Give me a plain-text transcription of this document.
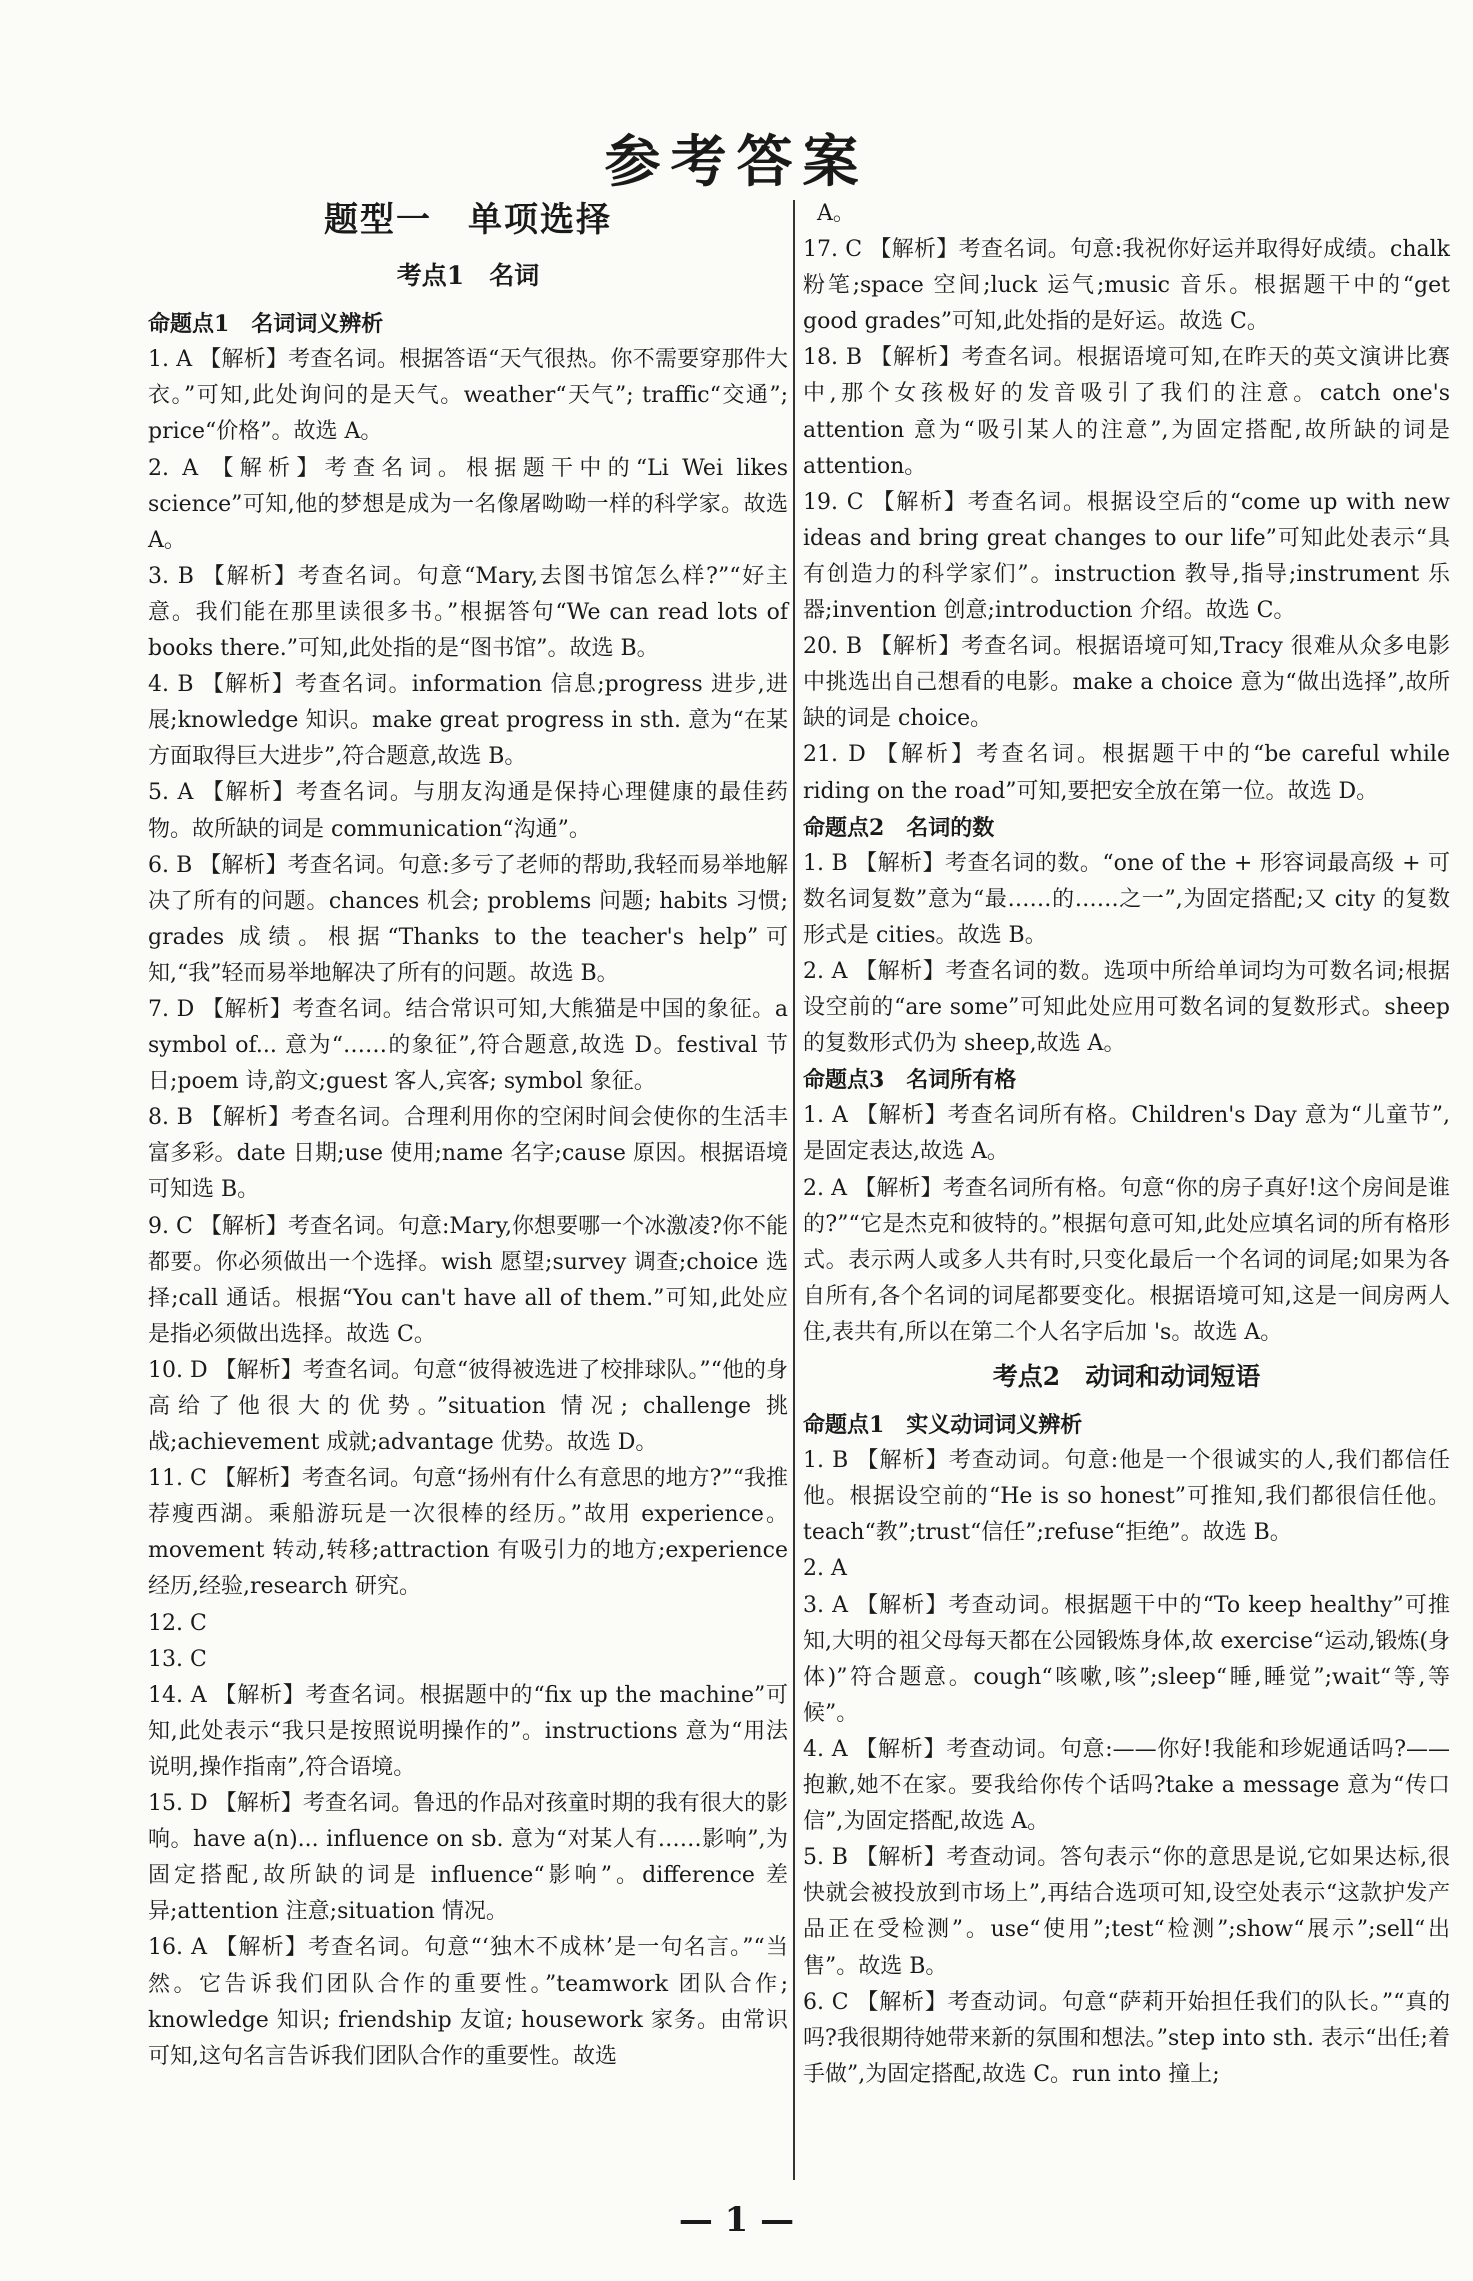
参考答案
题型一　单项选择
考点1　名词
命题点1　名词词义辨析

1. A 【解析】考查名词。根据答语“天气很热。你不需要穿那件大衣。”可知,此处询问的是天气。weather“天气”; traffic“交通”; price“价格”。故选 A。

2. A 【解析】考查名词。根据题干中的“Li Wei likes science”可知,他的梦想是成为一名像屠呦呦一样的科学家。故选 A。

3. B 【解析】考查名词。句意“Mary,去图书馆怎么样?”“好主意。我们能在那里读很多书。”根据答句“We can read lots of books there.”可知,此处指的是“图书馆”。故选 B。

4. B 【解析】考查名词。information 信息;progress 进步,进展;knowledge 知识。make great progress in sth. 意为“在某方面取得巨大进步”,符合题意,故选 B。

5. A 【解析】考查名词。与朋友沟通是保持心理健康的最佳药物。故所缺的词是 communication“沟通”。

6. B 【解析】考查名词。句意:多亏了老师的帮助,我轻而易举地解决了所有的问题。chances 机会; problems 问题; habits 习惯; grades 成绩。根据“Thanks to the teacher's help”可知,“我”轻而易举地解决了所有的问题。故选 B。

7. D 【解析】考查名词。结合常识可知,大熊猫是中国的象征。a symbol of... 意为“……的象征”,符合题意,故选 D。festival 节日;poem 诗,韵文;guest 客人,宾客; symbol 象征。

8. B 【解析】考查名词。合理利用你的空闲时间会使你的生活丰富多彩。date 日期;use 使用;name 名字;cause 原因。根据语境可知选 B。

9. C 【解析】考查名词。句意:Mary,你想要哪一个冰激凌?你不能都要。你必须做出一个选择。wish 愿望;survey 调查;choice 选择;call 通话。根据“You can't have all of them.”可知,此处应是指必须做出选择。故选 C。

10. D 【解析】考查名词。句意“彼得被选进了校排球队。”“他的身高给了他很大的优势。”situation 情况; challenge 挑战;achievement 成就;advantage 优势。故选 D。

11. C 【解析】考查名词。句意“扬州有什么有意思的地方?”“我推荐瘦西湖。乘船游玩是一次很棒的经历。”故用 experience。movement 转动,转移;attraction 有吸引力的地方;experience 经历,经验,research 研究。

12. C

13. C

14. A 【解析】考查名词。根据题中的“fix up the machine”可知,此处表示“我只是按照说明操作的”。instructions 意为“用法说明,操作指南”,符合语境。

15. D 【解析】考查名词。鲁迅的作品对孩童时期的我有很大的影响。have a(n)... influence on sb. 意为“对某人有……影响”,为固定搭配,故所缺的词是 influence“影响”。difference 差异;attention 注意;situation 情况。

16. A 【解析】考查名词。句意“‘独木不成林’是一句名言。”“当然。它告诉我们团队合作的重要性。”teamwork 团队合作; knowledge 知识; friendship 友谊; housework 家务。由常识可知,这句名言告诉我们团队合作的重要性。故选

A。

17. C 【解析】考查名词。句意:我祝你好运并取得好成绩。chalk 粉笔;space 空间;luck 运气;music 音乐。根据题干中的“get good grades”可知,此处指的是好运。故选 C。

18. B 【解析】考查名词。根据语境可知,在昨天的英文演讲比赛中,那个女孩极好的发音吸引了我们的注意。catch one's attention 意为“吸引某人的注意”,为固定搭配,故所缺的词是 attention。

19. C 【解析】考查名词。根据设空后的“come up with new ideas and bring great changes to our life”可知此处表示“具有创造力的科学家们”。instruction 教导,指导;instrument 乐器;invention 创意;introduction 介绍。故选 C。

20. B 【解析】考查名词。根据语境可知,Tracy 很难从众多电影中挑选出自己想看的电影。make a choice 意为“做出选择”,故所缺的词是 choice。

21. D 【解析】考查名词。根据题干中的“be careful while riding on the road”可知,要把安全放在第一位。故选 D。

命题点2　名词的数

1. B 【解析】考查名词的数。“one of the + 形容词最高级 + 可数名词复数”意为“最……的……之一”,为固定搭配;又 city 的复数形式是 cities。故选 B。

2. A 【解析】考查名词的数。选项中所给单词均为可数名词;根据设空前的“are some”可知此处应用可数名词的复数形式。sheep 的复数形式仍为 sheep,故选 A。

命题点3　名词所有格

1. A 【解析】考查名词所有格。Children's Day 意为“儿童节”,是固定表达,故选 A。

2. A 【解析】考查名词所有格。句意“你的房子真好!这个房间是谁的?”“它是杰克和彼特的。”根据句意可知,此处应填名词的所有格形式。表示两人或多人共有时,只变化最后一个名词的词尾;如果为各自所有,各个名词的词尾都要变化。根据语境可知,这是一间房两人住,表共有,所以在第二个人名字后加 's。故选 A。

考点2　动词和动词短语
命题点1　实义动词词义辨析

1. B 【解析】考查动词。句意:他是一个很诚实的人,我们都信任他。根据设空前的“He is so honest”可推知,我们都很信任他。teach“教”;trust“信任”;refuse“拒绝”。故选 B。

2. A

3. A 【解析】考查动词。根据题干中的“To keep healthy”可推知,大明的祖父母每天都在公园锻炼身体,故 exercise“运动,锻炼(身体)”符合题意。cough“咳嗽,咳”;sleep“睡,睡觉”;wait“等,等候”。

4. A 【解析】考查动词。句意:——你好!我能和珍妮通话吗?——抱歉,她不在家。要我给你传个话吗?take a message 意为“传口信”,为固定搭配,故选 A。

5. B 【解析】考查动词。答句表示“你的意思是说,它如果达标,很快就会被投放到市场上”,再结合选项可知,设空处表示“这款护发产品正在受检测”。use“使用”;test“检测”;show“展示”;sell“出售”。故选 B。

6. C 【解析】考查动词。句意“萨莉开始担任我们的队长。”“真的吗?我很期待她带来新的氛围和想法。”step into sth. 表示“出任;着手做”,为固定搭配,故选 C。run into 撞上;

— 1 —
